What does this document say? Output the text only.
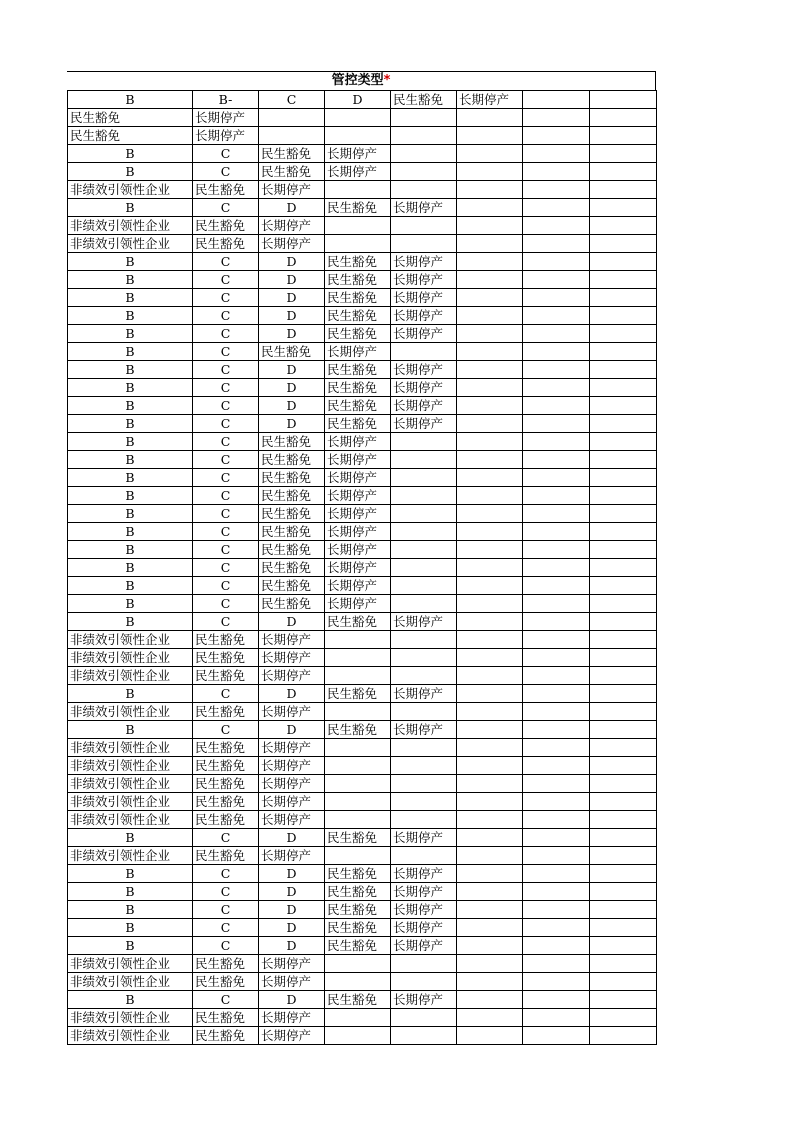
管控类型*
B	B-	C	D	民生豁免	长期停产		
民生豁免	长期停产						
民生豁免	长期停产						
B	C	民生豁免	长期停产				
B	C	民生豁免	长期停产				
非绩效引领性企业	民生豁免	长期停产					
B	C	D	民生豁免	长期停产			
非绩效引领性企业	民生豁免	长期停产					
非绩效引领性企业	民生豁免	长期停产					
B	C	D	民生豁免	长期停产			
B	C	D	民生豁免	长期停产			
B	C	D	民生豁免	长期停产			
B	C	D	民生豁免	长期停产			
B	C	D	民生豁免	长期停产			
B	C	民生豁免	长期停产				
B	C	D	民生豁免	长期停产			
B	C	D	民生豁免	长期停产			
B	C	D	民生豁免	长期停产			
B	C	D	民生豁免	长期停产			
B	C	民生豁免	长期停产				
B	C	民生豁免	长期停产				
B	C	民生豁免	长期停产				
B	C	民生豁免	长期停产				
B	C	民生豁免	长期停产				
B	C	民生豁免	长期停产				
B	C	民生豁免	长期停产				
B	C	民生豁免	长期停产				
B	C	民生豁免	长期停产				
B	C	民生豁免	长期停产				
B	C	D	民生豁免	长期停产			
非绩效引领性企业	民生豁免	长期停产					
非绩效引领性企业	民生豁免	长期停产					
非绩效引领性企业	民生豁免	长期停产					
B	C	D	民生豁免	长期停产			
非绩效引领性企业	民生豁免	长期停产					
B	C	D	民生豁免	长期停产			
非绩效引领性企业	民生豁免	长期停产					
非绩效引领性企业	民生豁免	长期停产					
非绩效引领性企业	民生豁免	长期停产					
非绩效引领性企业	民生豁免	长期停产					
非绩效引领性企业	民生豁免	长期停产					
B	C	D	民生豁免	长期停产			
非绩效引领性企业	民生豁免	长期停产					
B	C	D	民生豁免	长期停产			
B	C	D	民生豁免	长期停产			
B	C	D	民生豁免	长期停产			
B	C	D	民生豁免	长期停产			
B	C	D	民生豁免	长期停产			
非绩效引领性企业	民生豁免	长期停产					
非绩效引领性企业	民生豁免	长期停产					
B	C	D	民生豁免	长期停产			
非绩效引领性企业	民生豁免	长期停产					
非绩效引领性企业	民生豁免	长期停产					
